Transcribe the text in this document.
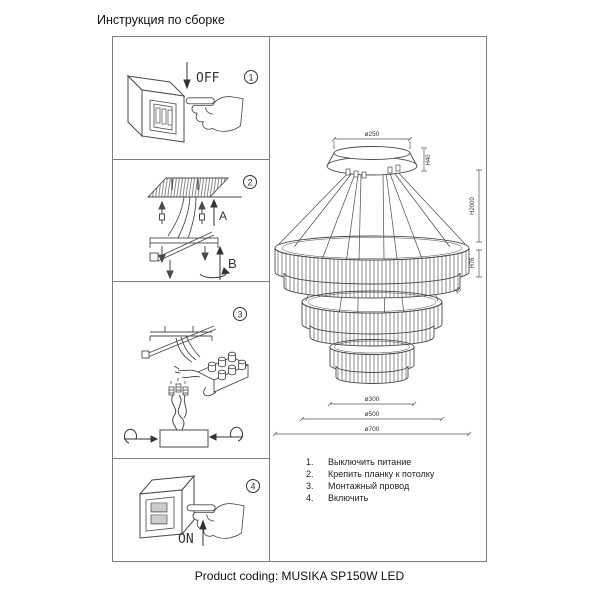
Инструкция по сборке
OFF	1
A
B
2
3
ON
4
ø250
H40
H2000
H76
30
ø300
ø500
ø700
1.	Выключить питание
2.	Крепить планку к потолку
3.	Монтажный провод
4.	Включить
Product coding: MUSIKA SP150W LED
